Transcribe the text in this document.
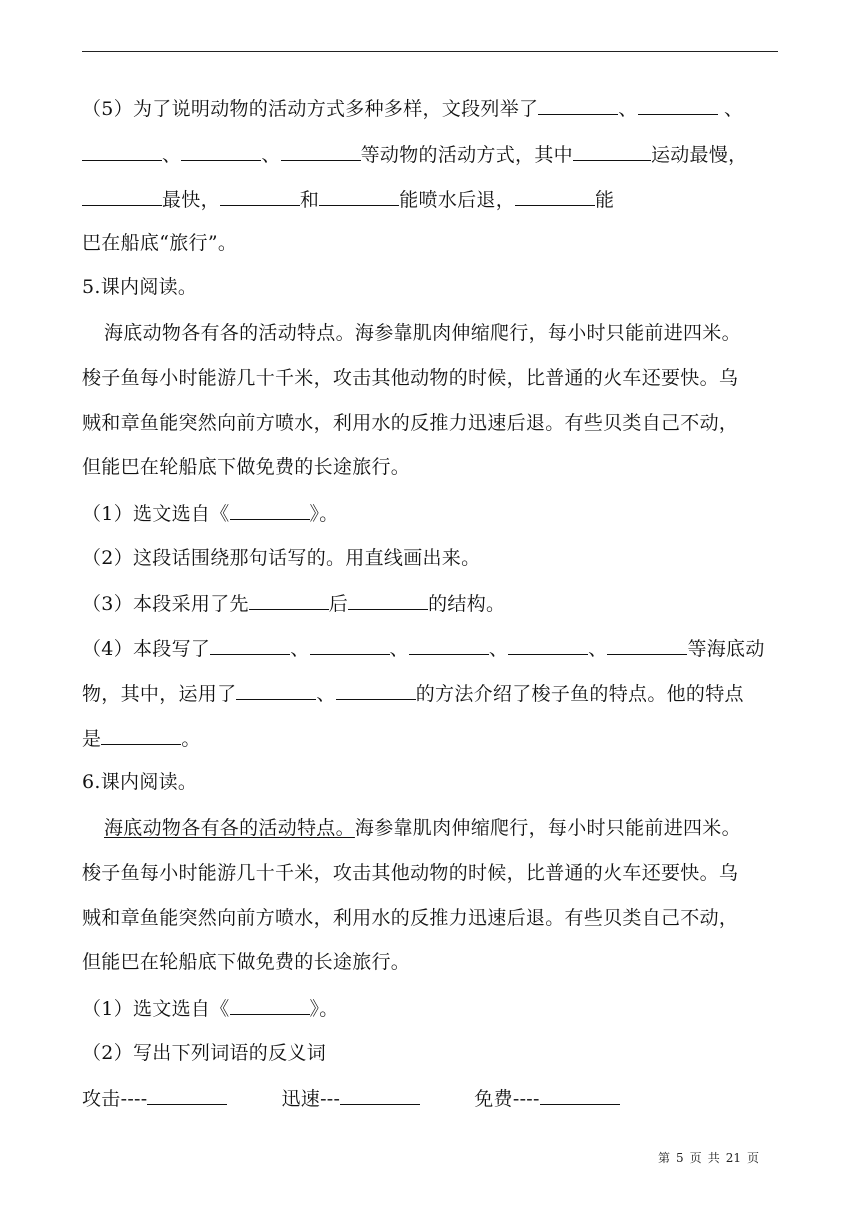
（5）为了说明动物的活动方式多种多样，文段列举了	、	、
、	、	等动物的活动方式，其中	运动最慢，
最快，	和	能喷水后退，	能
巴在船底“旅行”。
5.课内阅读。
海底动物各有各的活动特点。海参靠肌肉伸缩爬行，每小时只能前进四米。
梭子鱼每小时能游几十千米，攻击其他动物的时候，比普通的火车还要快。乌
贼和章鱼能突然向前方喷水，利用水的反推力迅速后退。有些贝类自己不动，
但能巴在轮船底下做免费的长途旅行。
（1）选文选自《	》。
（2）这段话围绕那句话写的。用直线画出来。
（3）本段采用了先	后	的结构。
（4）本段写了	、	、	、	、	等海底动
物，其中，运用了	、	的方法介绍了梭子鱼的特点。他的特点
是	。
6.课内阅读。
海底动物各有各的活动特点。海参靠肌肉伸缩爬行，每小时只能前进四米。
梭子鱼每小时能游几十千米，攻击其他动物的时候，比普通的火车还要快。乌
贼和章鱼能突然向前方喷水，利用水的反推力迅速后退。有些贝类自己不动，
但能巴在轮船底下做免费的长途旅行。
（1）选文选自《	》。
（2）写出下列词语的反义词
攻击----	迅速---	免费----
第 5 页 共 21 页
